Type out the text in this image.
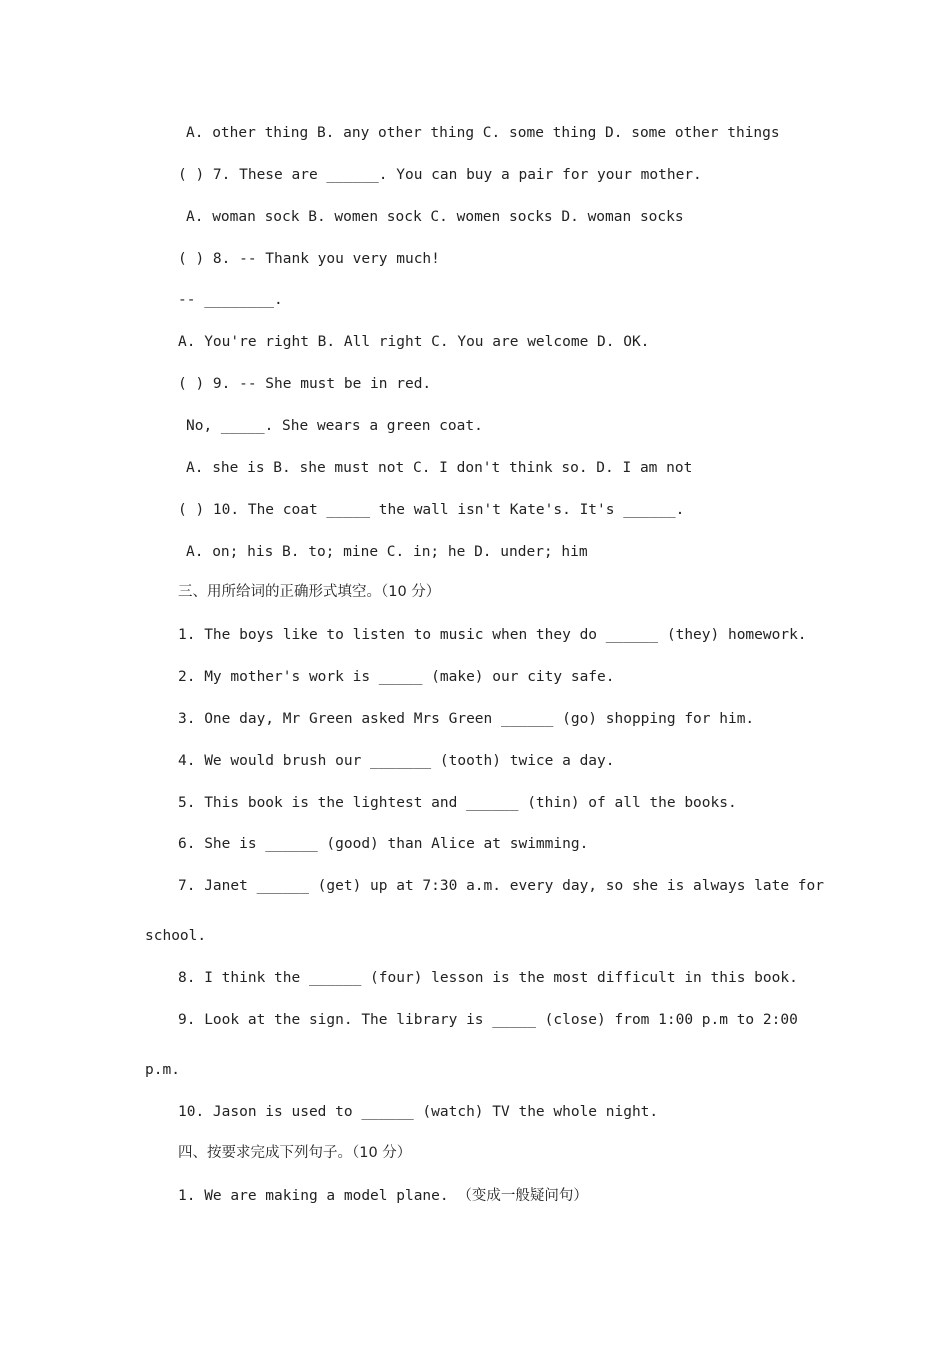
A. other thing B. any other thing C. some thing D. some other things
( ) 7. These are ______. You can buy a pair for your mother.
A. woman sock B. women sock C. women socks D. woman socks
( ) 8. -- Thank you very much!
-- ________.
A. You're right B. All right C. You are welcome D. OK.
( ) 9. -- She must be in red.
No, _____. She wears a green coat.
A. she is B. she must not C. I don't think so. D. I am not
( ) 10. The coat _____ the wall isn't Kate's. It's ______.
A. on; his B. to; mine C. in; he D. under; him
三、用所给词的正确形式填空。（10 分）
1. The boys like to listen to music when they do ______ (they) homework.
2. My mother's work is _____ (make) our city safe.
3. One day, Mr Green asked Mrs Green ______ (go) shopping for him.
4. We would brush our _______ (tooth) twice a day.
5. This book is the lightest and ______ (thin) of all the books.
6. She is ______ (good) than Alice at swimming.
7. Janet ______ (get) up at 7:30 a.m. every day, so she is always late for
school.
8. I think the ______ (four) lesson is the most difficult in this book.
9. Look at the sign. The library is _____ (close) from 1:00 p.m to 2:00
p.m.
10. Jason is used to ______ (watch) TV the whole night.
四、按要求完成下列句子。（10 分）
1. We are making a model plane. （变成一般疑问句）
